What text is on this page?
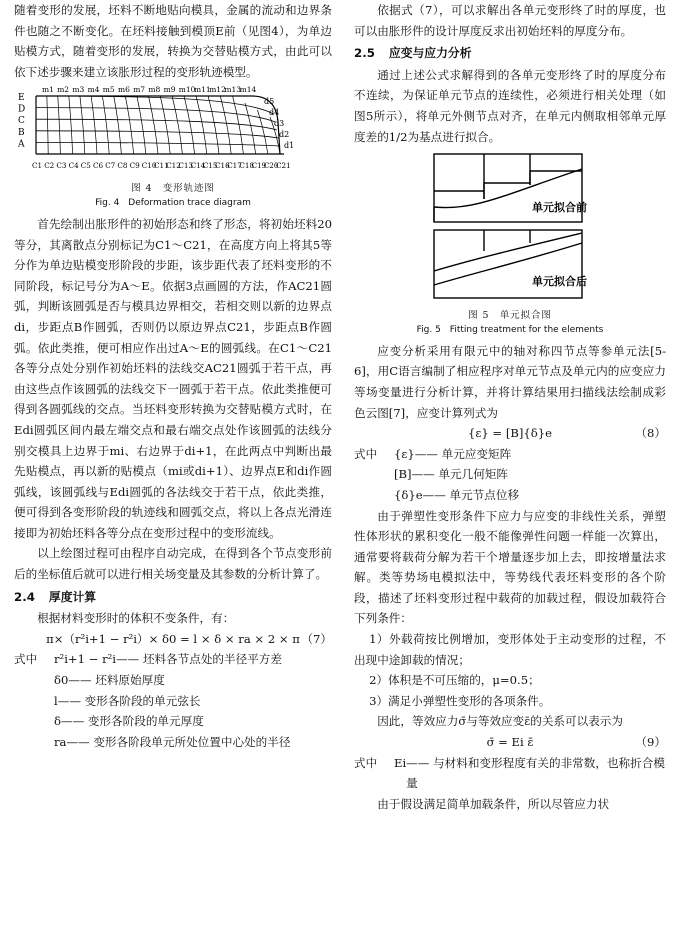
随着变形的发展，坯料不断地贴向模具，金属的流动和边界条件也随之不断变化。在坯料接触到模顶E前（见图4），为单边贴模方式，随着变形的发展，转换为交替贴模方式，由此可以依下述步骤来建立该胀形过程的变形轨迹模型。

m1 m2 m3 m4 m5 m6 m7 m8 m9 m10
m11
m12
m13
m14
E
D
C
B
A
d5
d4
d3
d2
d1
C1 C2 C3 C4 C5 C6 C7 C8 C9 C10
C11
C12
C13
C14
C15
C16
C17
C18
C19
C20
C21
图 4　变形轨迹图
Fig. 4　Deformation trace diagram

首先绘制出胀形件的初始形态和终了形态，将初始坯料20等分，其离散点分别标记为C1～C21，在高度方向上将其5等分作为单边贴模变形阶段的步距，该步距代表了坯料变形的不同阶段，标记号分为A～E。依据3点画圆的方法，作AC21圆弧，判断该圆弧是否与模具边界相交，若相交则以新的边界点di，步距点B作圆弧，否则仍以原边界点C21，步距点B作圆弧。依此类推，便可相应作出过A～E的圆弧线。在C1～C21各等分点处分别作初始坯料的法线交AC21圆弧于若干点，再由这些点作该圆弧的法线交下一圆弧于若干点。依此类推便可得到各圆弧线的交点。当坯料变形转换为交替贴模方式时，在Edi圆弧区间内最左端交点和最右端交点处作该圆弧的法线分别交模具上边界于mi、右边界于di+1，在此两点中判断出最先贴模点，再以新的贴模点（mi或di+1）、边界点E和di作圆弧线，该圆弧线与Edi圆弧的各法线交于若干点，依此类推，便可得到各变形阶段的轨迹线和圆弧交点，将以上各点光滑连接即为初始坯料各等分点在变形过程中的变形流线。

以上绘图过程可由程序自动完成，在得到各个节点变形前后的坐标值后就可以进行相关场变量及其参数的分析计算了。

2.4 厚度计算

根据材料变形时的体积不变条件，有：

π×（r²i+1 − r²i）× δ0 = l × δ × ra × 2 × π （7）
式中	r²i+1 − r²i —— 坯料各节点处的半径平方差
δ0 —— 坯料原始厚度
l —— 变形各阶段的单元弦长
δ —— 变形各阶段的单元厚度
ra —— 变形各阶段单元所处位置中心处的半径

依据式（7），可以求解出各单元变形终了时的厚度，也可以由胀形件的设计厚度反求出初始坯料的厚度分布。

2.5 应变与应力分析

通过上述公式求解得到的各单元变形终了时的厚度分布不连续，为保证单元节点的连续性，必须进行相关处理（如图5所示），将单元外侧节点对齐，在单元内侧取相邻单元厚度差的1/2为基点进行拟合。

单元拟合前
单元拟合后
图 5　单元拟合图
Fig. 5　Fitting treatment for the elements

应变分析采用有限元中的轴对称四节点等参单元法[5-6]，用C语言编制了相应程序对单元节点及单元内的应变应力等场变量进行分析计算，并将计算结果用扫描线法绘制成彩色云图[7]，应变计算列式为

{ε} = [B]{δ}e	（8）
式中	{ε} —— 单元应变矩阵
[B] —— 单元几何矩阵
{δ}e —— 单元节点位移

由于弹塑性变形条件下应力与应变的非线性关系，弹塑性体形状的累积变化一般不能像弹性问题一样能一次算出，通常要将载荷分解为若干个增量逐步加上去，即按增量法求解。类等势场电模拟法中，等势线代表坯料变形的各个阶段，描述了坯料变形过程中载荷的加载过程，假设加载符合下列条件：

1）外载荷按比例增加，变形体处于主动变形的过程，不出现中途卸载的情况；

2）体积是不可压缩的，μ=0.5；

3）满足小弹塑性变形的各项条件。

因此，等效应力σ̄与等效应变ε̄的关系可以表示为

σ̄ = Ei ε̄	（9）
式中	Ei —— 与材料和变形程度有关的非常数，也称折合模量

由于假设满足简单加载条件，所以尽管应力状
